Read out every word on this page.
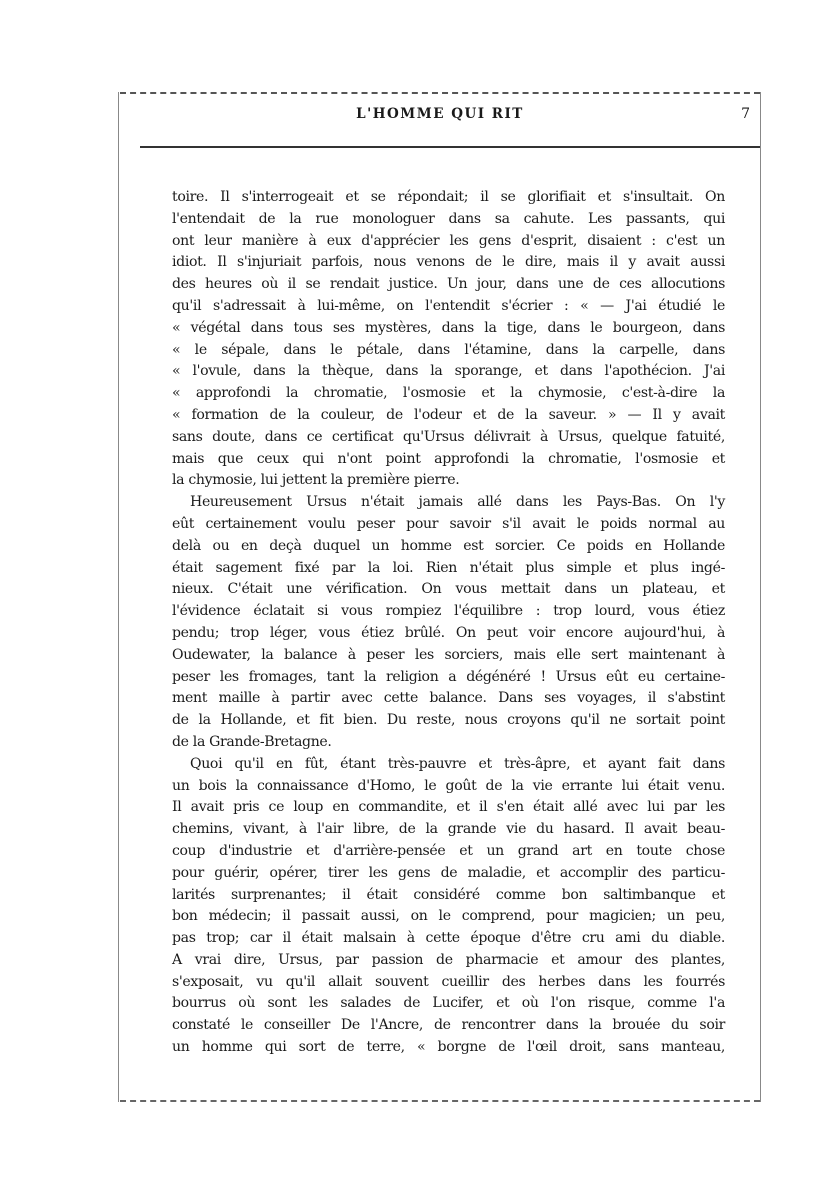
L'HOMME QUI RIT	7
toire. Il s'interrogeait et se répondait; il se glorifiait et s'insultait. On
l'entendait de la rue monologuer dans sa cahute. Les passants, qui
ont leur manière à eux d'apprécier les gens d'esprit, disaient : c'est un
idiot. Il s'injuriait parfois, nous venons de le dire, mais il y avait aussi
des heures où il se rendait justice. Un jour, dans une de ces allocutions
qu'il s'adressait à lui-même, on l'entendit s'écrier : « — J'ai étudié le
« végétal dans tous ses mystères, dans la tige, dans le bourgeon, dans
« le sépale, dans le pétale, dans l'étamine, dans la carpelle, dans
« l'ovule, dans la thèque, dans la sporange, et dans l'apothécion. J'ai
« approfondi la chromatie, l'osmosie et la chymosie, c'est-à-dire la
« formation de la couleur, de l'odeur et de la saveur. » — Il y avait
sans doute, dans ce certificat qu'Ursus délivrait à Ursus, quelque fatuité,
mais que ceux qui n'ont point approfondi la chromatie, l'osmosie et
la chymosie, lui jettent la première pierre.
Heureusement Ursus n'était jamais allé dans les Pays-Bas. On l'y
eût certainement voulu peser pour savoir s'il avait le poids normal au
delà ou en deçà duquel un homme est sorcier. Ce poids en Hollande
était sagement fixé par la loi. Rien n'était plus simple et plus ingé-
nieux. C'était une vérification. On vous mettait dans un plateau, et
l'évidence éclatait si vous rompiez l'équilibre : trop lourd, vous étiez
pendu; trop léger, vous étiez brûlé. On peut voir encore aujourd'hui, à
Oudewater, la balance à peser les sorciers, mais elle sert maintenant à
peser les fromages, tant la religion a dégénéré ! Ursus eût eu certaine-
ment maille à partir avec cette balance. Dans ses voyages, il s'abstint
de la Hollande, et fit bien. Du reste, nous croyons qu'il ne sortait point
de la Grande-Bretagne.
Quoi qu'il en fût, étant très-pauvre et très-âpre, et ayant fait dans
un bois la connaissance d'Homo, le goût de la vie errante lui était venu.
Il avait pris ce loup en commandite, et il s'en était allé avec lui par les
chemins, vivant, à l'air libre, de la grande vie du hasard. Il avait beau-
coup d'industrie et d'arrière-pensée et un grand art en toute chose
pour guérir, opérer, tirer les gens de maladie, et accomplir des particu-
larités surprenantes; il était considéré comme bon saltimbanque et
bon médecin; il passait aussi, on le comprend, pour magicien; un peu,
pas trop; car il était malsain à cette époque d'être cru ami du diable.
A vrai dire, Ursus, par passion de pharmacie et amour des plantes,
s'exposait, vu qu'il allait souvent cueillir des herbes dans les fourrés
bourrus où sont les salades de Lucifer, et où l'on risque, comme l'a
constaté le conseiller De l'Ancre, de rencontrer dans la brouée du soir
un homme qui sort de terre, « borgne de l'œil droit, sans manteau,
